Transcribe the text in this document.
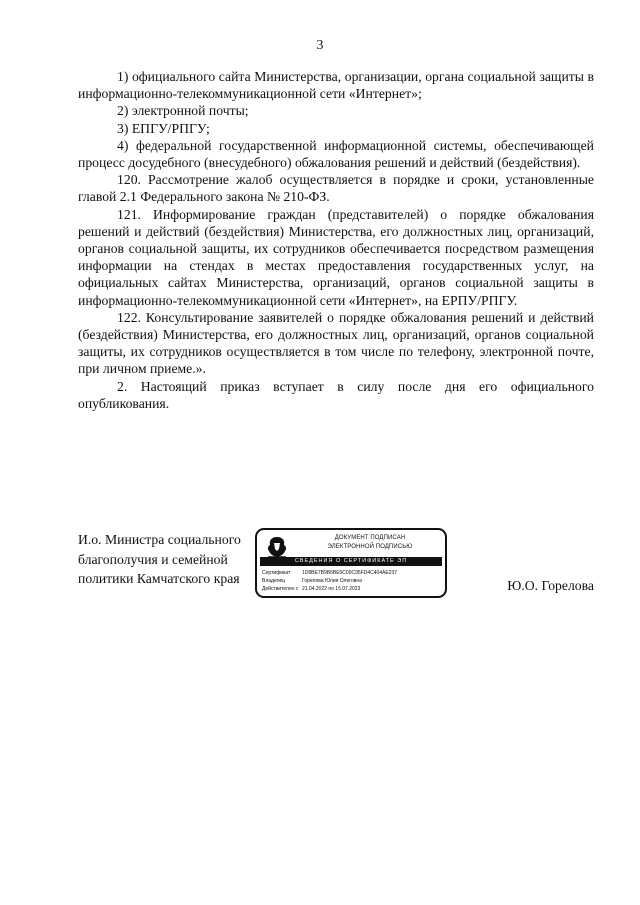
3

1) официального сайта Министерства, организации, органа социальной защиты в информационно-телекоммуникационной сети «Интернет»;

2) электронной почты;

3) ЕПГУ/РПГУ;

4) федеральной государственной информационной системы, обеспечивающей процесс досудебного (внесудебного) обжалования решений и действий (бездействия).

120. Рассмотрение жалоб осуществляется в порядке и сроки, установленные главой 2.1 Федерального закона № 210-ФЗ.

121. Информирование граждан (представителей) о порядке обжалования решений и действий (бездействия) Министерства, его должностных лиц, организаций, органов социальной защиты, их сотрудников обеспечивается посредством размещения информации на стендах в местах предоставления государственных услуг, на официальных сайтах Министерства, организаций, органов социальной защиты в информационно-телекоммуникационной сети «Интернет», на ЕРПУ/РПГУ.

122. Консультирование заявителей о порядке обжалования решений и действий (бездействия) Министерства, его должностных лиц, организаций, органов социальной защиты, их сотрудников осуществляется в том числе по телефону, электронной почте, при личном приеме.».

2. Настоящий приказ вступает в силу после дня его официального опубликования.

И.о. Министра социального
благополучия и семейной
политики Камчатского края
ДОКУМЕНТ ПОДПИСАН
ЭЛЕКТРОННОЙ ПОДПИСЬЮ
СВЕДЕНИЯ О СЕРТИФИКАТЕ ЭП
Сертификат 1D8BE7B9B6BE5C00C95FD4C404AE237
Владелец	Горелова Юлия Олеговна
Действителен с 21.04.2022 по 15.07.2023	Ю.О. Горелова
